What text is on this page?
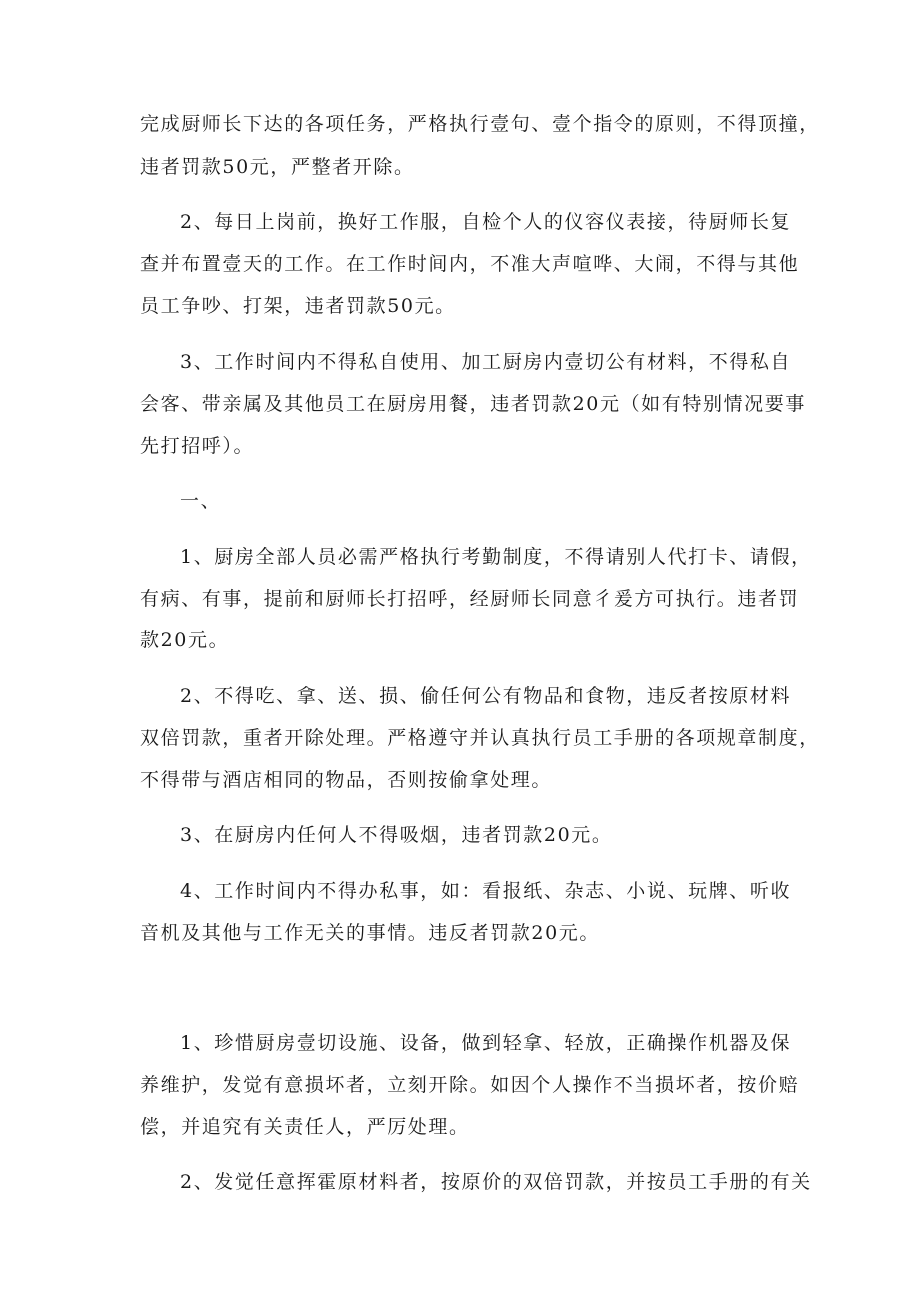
完成厨师长下达的各项任务，严格执行壹句、壹个指令的原则，不得顶撞，
违者罚款50元，严整者开除。
2、每日上岗前，换好工作服，自检个人的仪容仪表接，待厨师长复
查并布置壹天的工作。在工作时间内，不准大声喧哗、大闹，不得与其他
员工争吵、打架，违者罚款50元。
3、工作时间内不得私自使用、加工厨房内壹切公有材料，不得私自
会客、带亲属及其他员工在厨房用餐，违者罚款20元（如有特别情况要事
先打招呼）。
一、
1、厨房全部人员必需严格执行考勤制度，不得请别人代打卡、请假，
有病、有事，提前和厨师长打招呼，经厨师长同意彳爰方可执行。违者罚
款20元。
2、不得吃、拿、送、损、偷任何公有物品和食物，违反者按原材料
双倍罚款，重者开除处理。严格遵守并认真执行员工手册的各项规章制度，
不得带与酒店相同的物品，否则按偷拿处理。
3、在厨房内任何人不得吸烟，违者罚款20元。
4、工作时间内不得办私事，如：看报纸、杂志、小说、玩牌、听收
音机及其他与工作无关的事情。违反者罚款20元。
1、珍惜厨房壹切设施、设备，做到轻拿、轻放，正确操作机器及保
养维护，发觉有意损坏者，立刻开除。如因个人操作不当损坏者，按价赔
偿，并追究有关责任人，严厉处理。
2、发觉任意挥霍原材料者，按原价的双倍罚款，并按员工手册的有关
